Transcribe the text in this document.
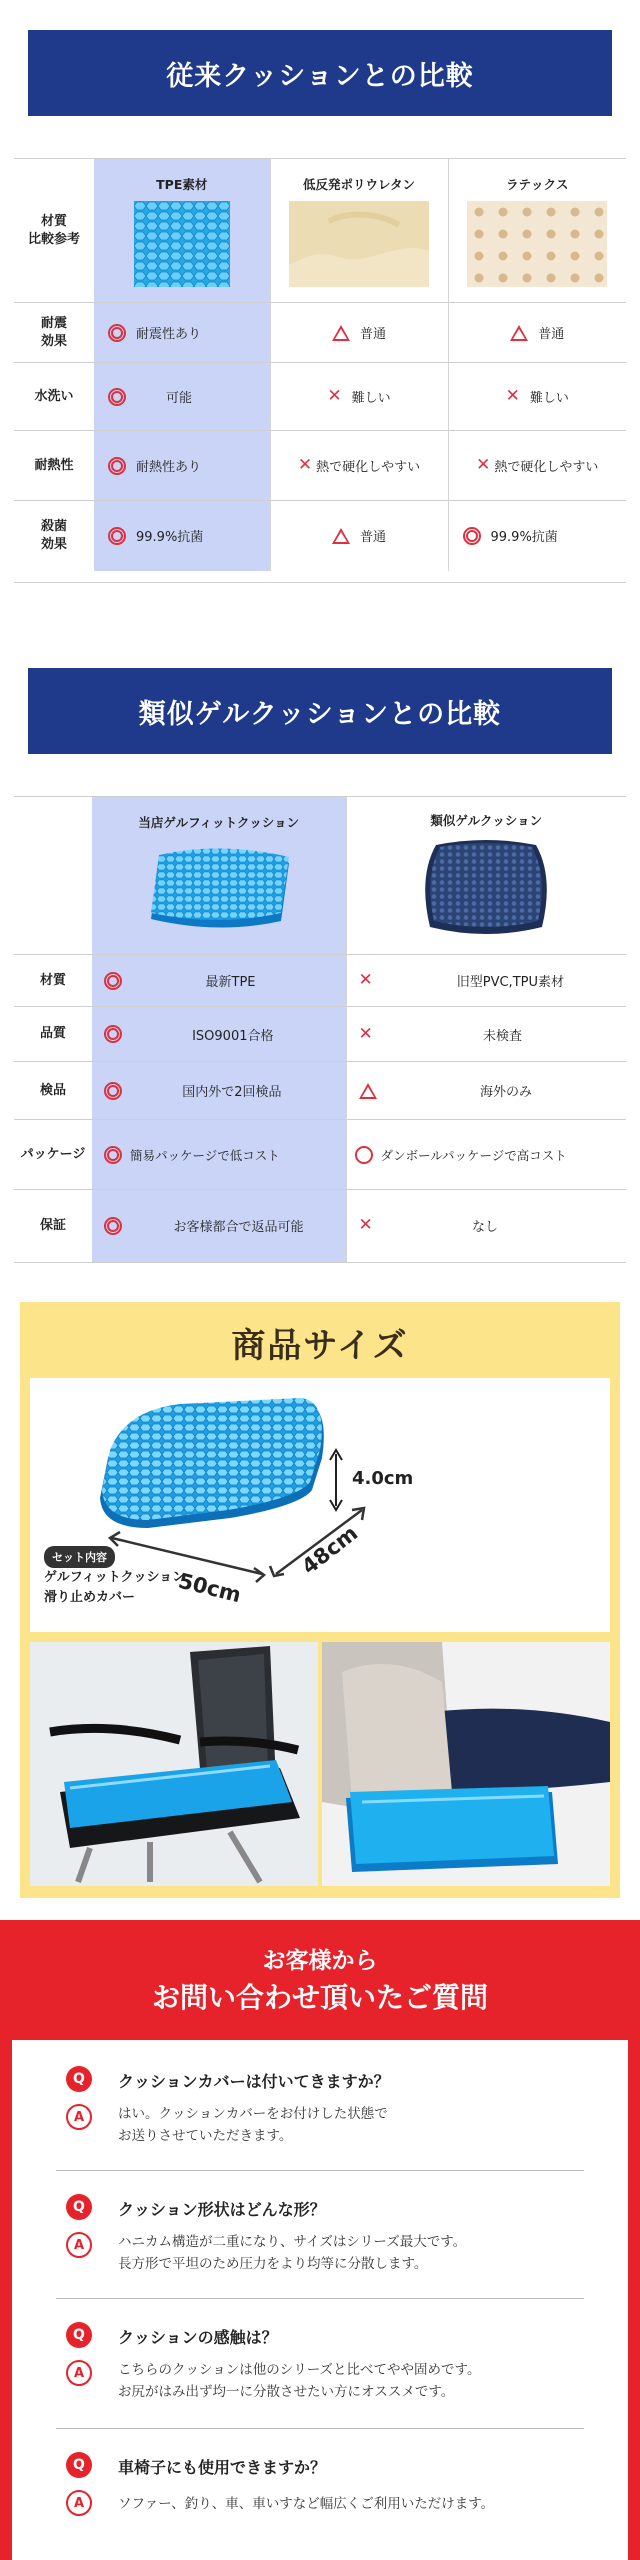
従来クッションとの比較
材質
比較参考	TPE素材	低反発ポリウレタン	ラテックス

耐震
効果	耐震性あり	普通	普通

水洗い	可能	✕ 難しい	✕ 難しい

耐熱性	耐熱性あり	✕ 熱で硬化しやすい	✕ 熱で硬化しやすい

殺菌
効果	99.9%抗菌	普通	99.9%抗菌
類似ゲルクッションとの比較

	当店ゲルフィットクッション	類似ゲルクッション

材質	最新TPE	✕ 旧型PVC,TPU素材

品質	ISO9001合格	✕ 未検査

検品	国内外で2回検品	海外のみ

パッケージ	簡易パッケージで低コスト	ダンボールパッケージで高コスト

保証	お客様都合で返品可能	✕ なし
商品サイズ
4.0cm
50cm
48cm
セット内容
ゲルフィットクッション、
滑り止めカバー
お客様から
お問い合わせ頂いたご質問
Q	クッションカバーは付いてきますか？
A	はい。クッションカバーをお付けした状態で
お送りさせていただきます。
Q	クッション形状はどんな形？
A	ハニカム構造が二重になり、サイズはシリーズ最大です。
長方形で平坦のため圧力をより均等に分散します。
Q	クッションの感触は？
A	こちらのクッションは他のシリーズと比べてやや固めです。
お尻がはみ出ず均一に分散させたい方にオススメです。
Q	車椅子にも使用できますか？
A	ソファー、釣り、車、車いすなど幅広くご利用いただけます。
